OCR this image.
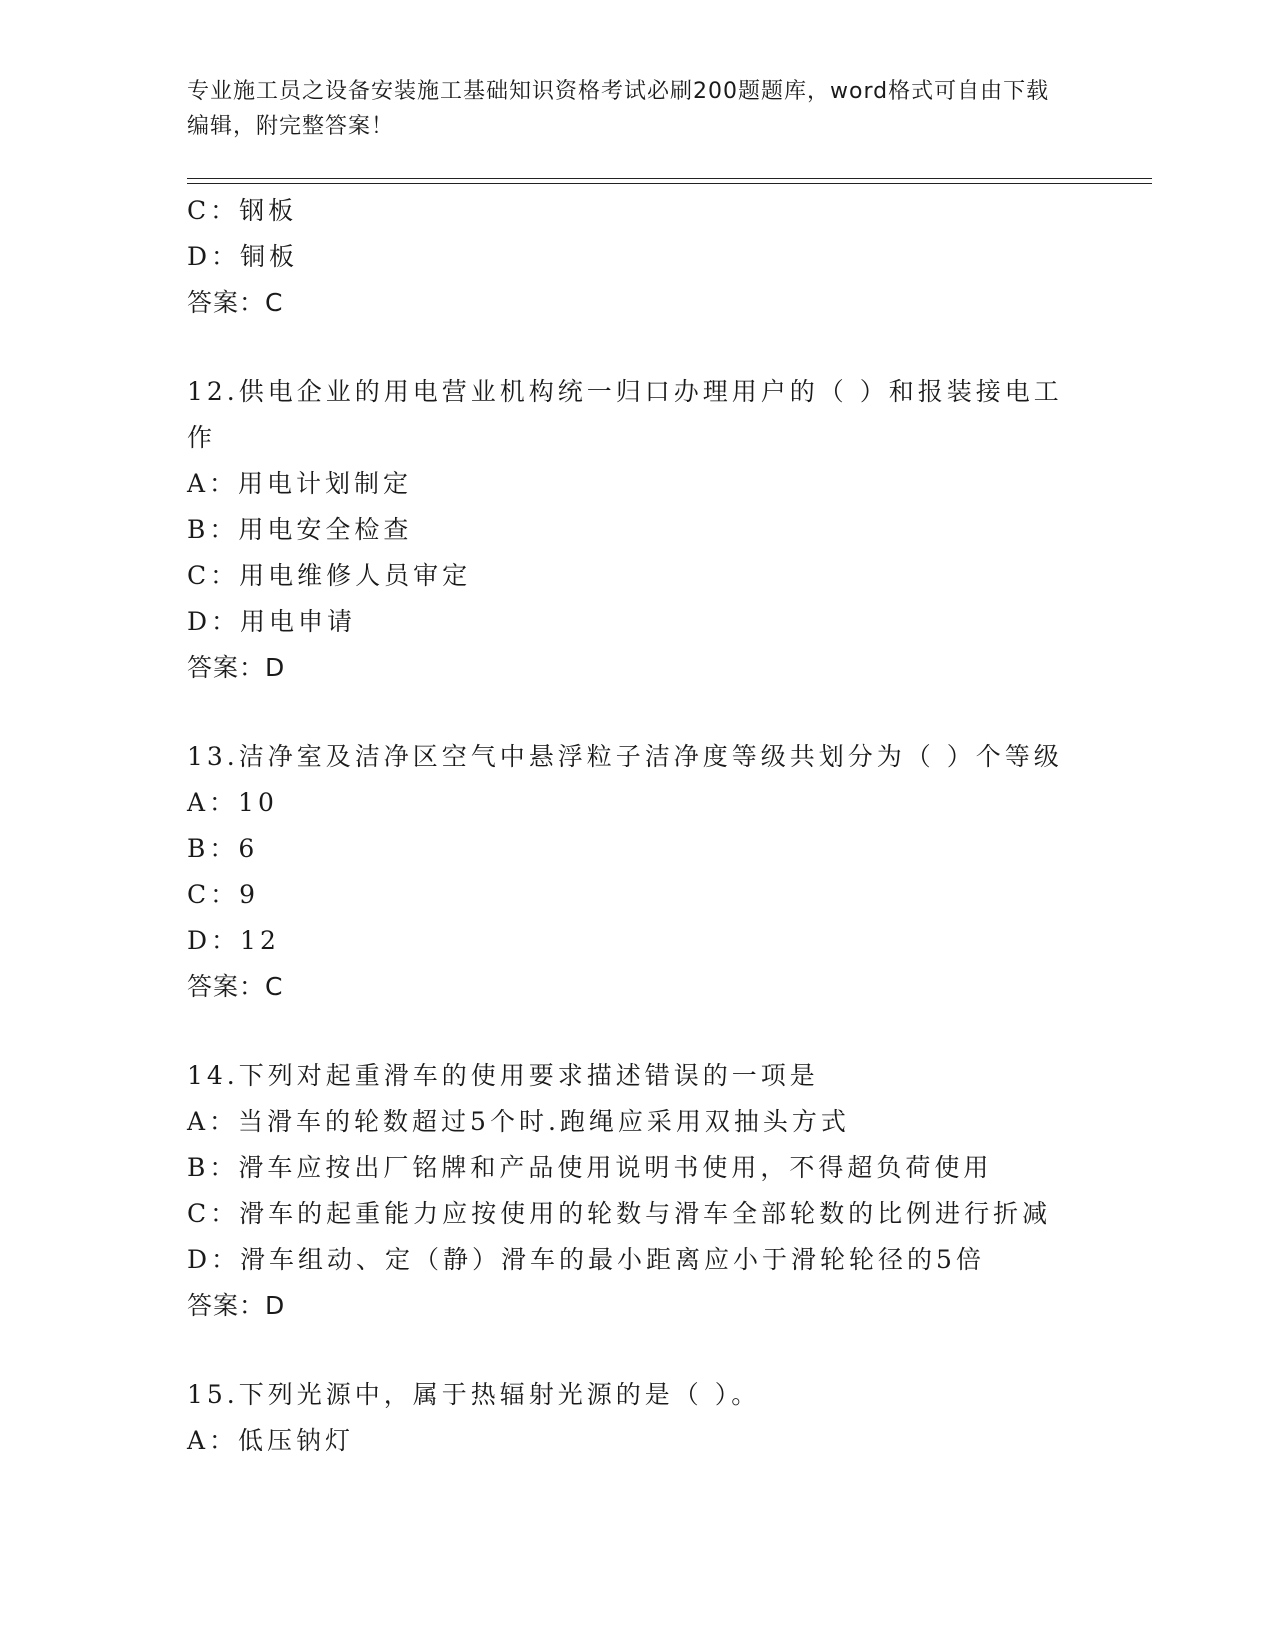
专业施工员之设备安装施工基础知识资格考试必刷200题题库，word格式可自由下载编辑，附完整答案！
C：钢板
D：铜板
答案：C
12.供电企业的用电营业机构统一归口办理用户的（ ）和报装接电工作
A：用电计划制定
B：用电安全检查
C：用电维修人员审定
D：用电申请
答案：D
13.洁净室及洁净区空气中悬浮粒子洁净度等级共划分为（ ）个等级
A：10
B：6
C：9
D：12
答案：C
14.下列对起重滑车的使用要求描述错误的一项是
A：当滑车的轮数超过5个时.跑绳应采用双抽头方式
B：滑车应按出厂铭牌和产品使用说明书使用，不得超负荷使用
C：滑车的起重能力应按使用的轮数与滑车全部轮数的比例进行折减
D：滑车组动、定（静）滑车的最小距离应小于滑轮轮径的5倍
答案：D
15.下列光源中，属于热辐射光源的是（ ）。
A：低压钠灯
